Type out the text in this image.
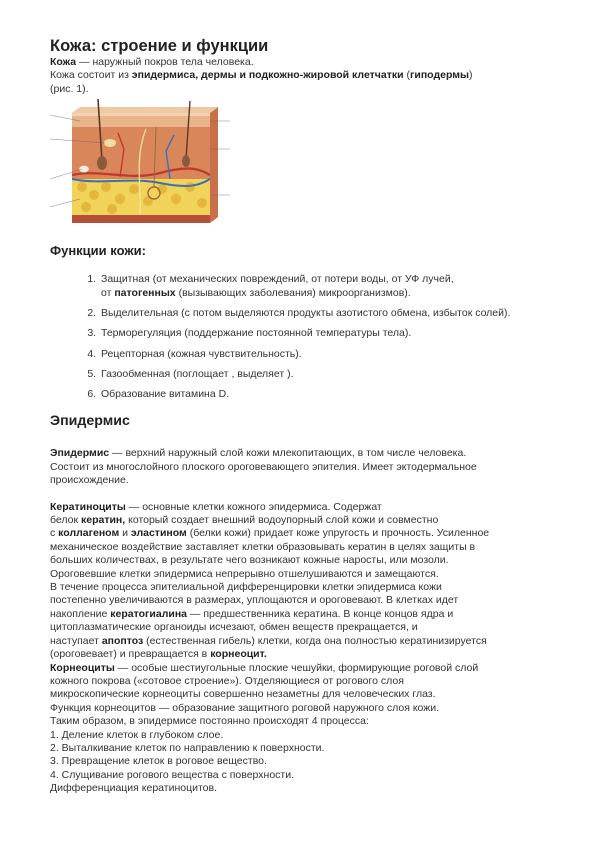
Кожа: строение и функции

Кожа — наружный покров тела человека.

Кожа состоит из эпидермиса, дермы и подкожно-жировой клетчатки (гиподермы)

(рис. 1).

Функции кожи:
1. Защитная (от механических повреждений, от потери воды, от УФ лучей,
от патогенных (вызывающих заболевания) микроорганизмов).
2. Выделительная (с потом выделяются продукты азотистого обмена, избыток солей).
3. Терморегуляция (поддержание постоянной температуры тела).
4. Рецепторная (кожная чувствительность).
5. Газообменная (поглощает , выделяет ).
6. Образование витамина D.
Эпидермис

Эпидермис — верхний наружный слой кожи млекопитающих, в том числе человека.

Состоит из многослойного плоского ороговевающего эпителия. Имеет эктодермальное

происхождение.

Кератиноциты — основные клетки кожного эпидермиса. Содержат

белок кератин, который создает внешний водоупорный слой кожи и совместно

с коллагеном и эластином (белки кожи) придает коже упругость и прочность. Усиленное

механическое воздействие заставляет клетки образовывать кератин в целях защиты в

больших количествах, в результате чего возникают кожные наросты, или мозоли.

Ороговевшие клетки эпидермиса непрерывно отшелушиваются и замещаются.

В течение процесса эпителиальной дифференцировки клетки эпидермиса кожи

постепенно увеличиваются в размерах, уплощаются и ороговевают. В клетках идет

накопление кератогиалина — предшественника кератина. В конце концов ядра и

цитоплазматические органоиды исчезают, обмен веществ прекращается, и

наступает апоптоз (естественная гибель) клетки, когда она полностью кератинизируется

(ороговевает) и превращается в корнеоцит.

Корнеоциты — особые шестиугольные плоские чешуйки, формирующие роговой слой

кожного покрова («сотовое строение»). Отделяющиеся от рогового слоя

микроскопические корнеоциты совершенно незаметны для человеческих глаз.

Функция корнеоцитов — образование защитного роговой наружного слоя кожи.

Таким образом, в эпидермисе постоянно происходят 4 процесса:

1. Деление клеток в глубоком слое.

2. Выталкивание клеток по направлению к поверхности.

3. Превращение клеток в роговое вещество.

4. Слущивание рогового вещества с поверхности.

Дифференциация кератиноцитов.
